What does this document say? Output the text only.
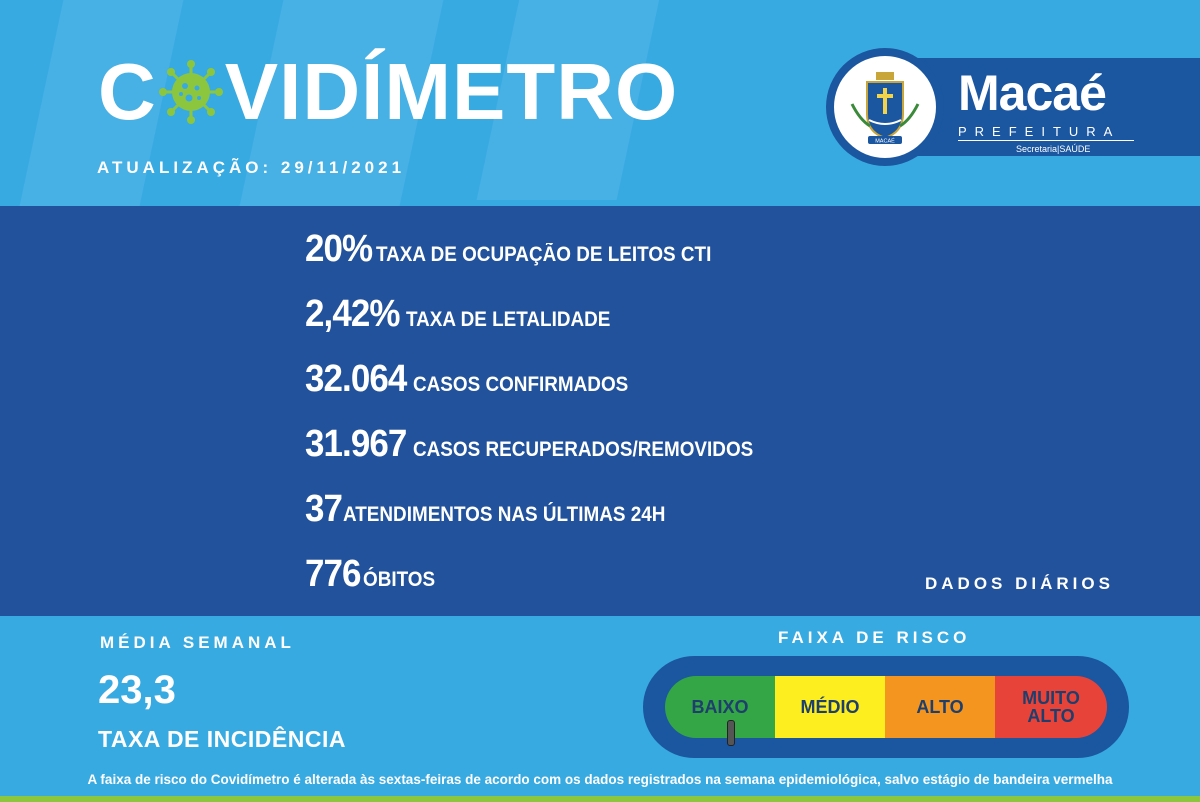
C VIDÍMETRO
ATUALIZAÇÃO: 29/11/2021
MACAÉ
Macaé
PREFEITURA
Secretaria|SAÚDE
20% TAXA DE OCUPAÇÃO DE LEITOS CTI
2,42% TAXA DE LETALIDADE
32.064 CASOS CONFIRMADOS
31.967 CASOS RECUPERADOS/REMOVIDOS
37 ATENDIMENTOS NAS ÚLTIMAS 24H
776 ÓBITOS	DADOS DIÁRIOS
MÉDIA SEMANAL
23,3
TAXA DE INCIDÊNCIA
FAIXA DE RISCO
BAIXO	MÉDIO	ALTO	MUITO ALTO
A faixa de risco do Covidímetro é alterada às sextas-feiras de acordo com os dados registrados na semana epidemiológica, salvo estágio de bandeira vermelha
